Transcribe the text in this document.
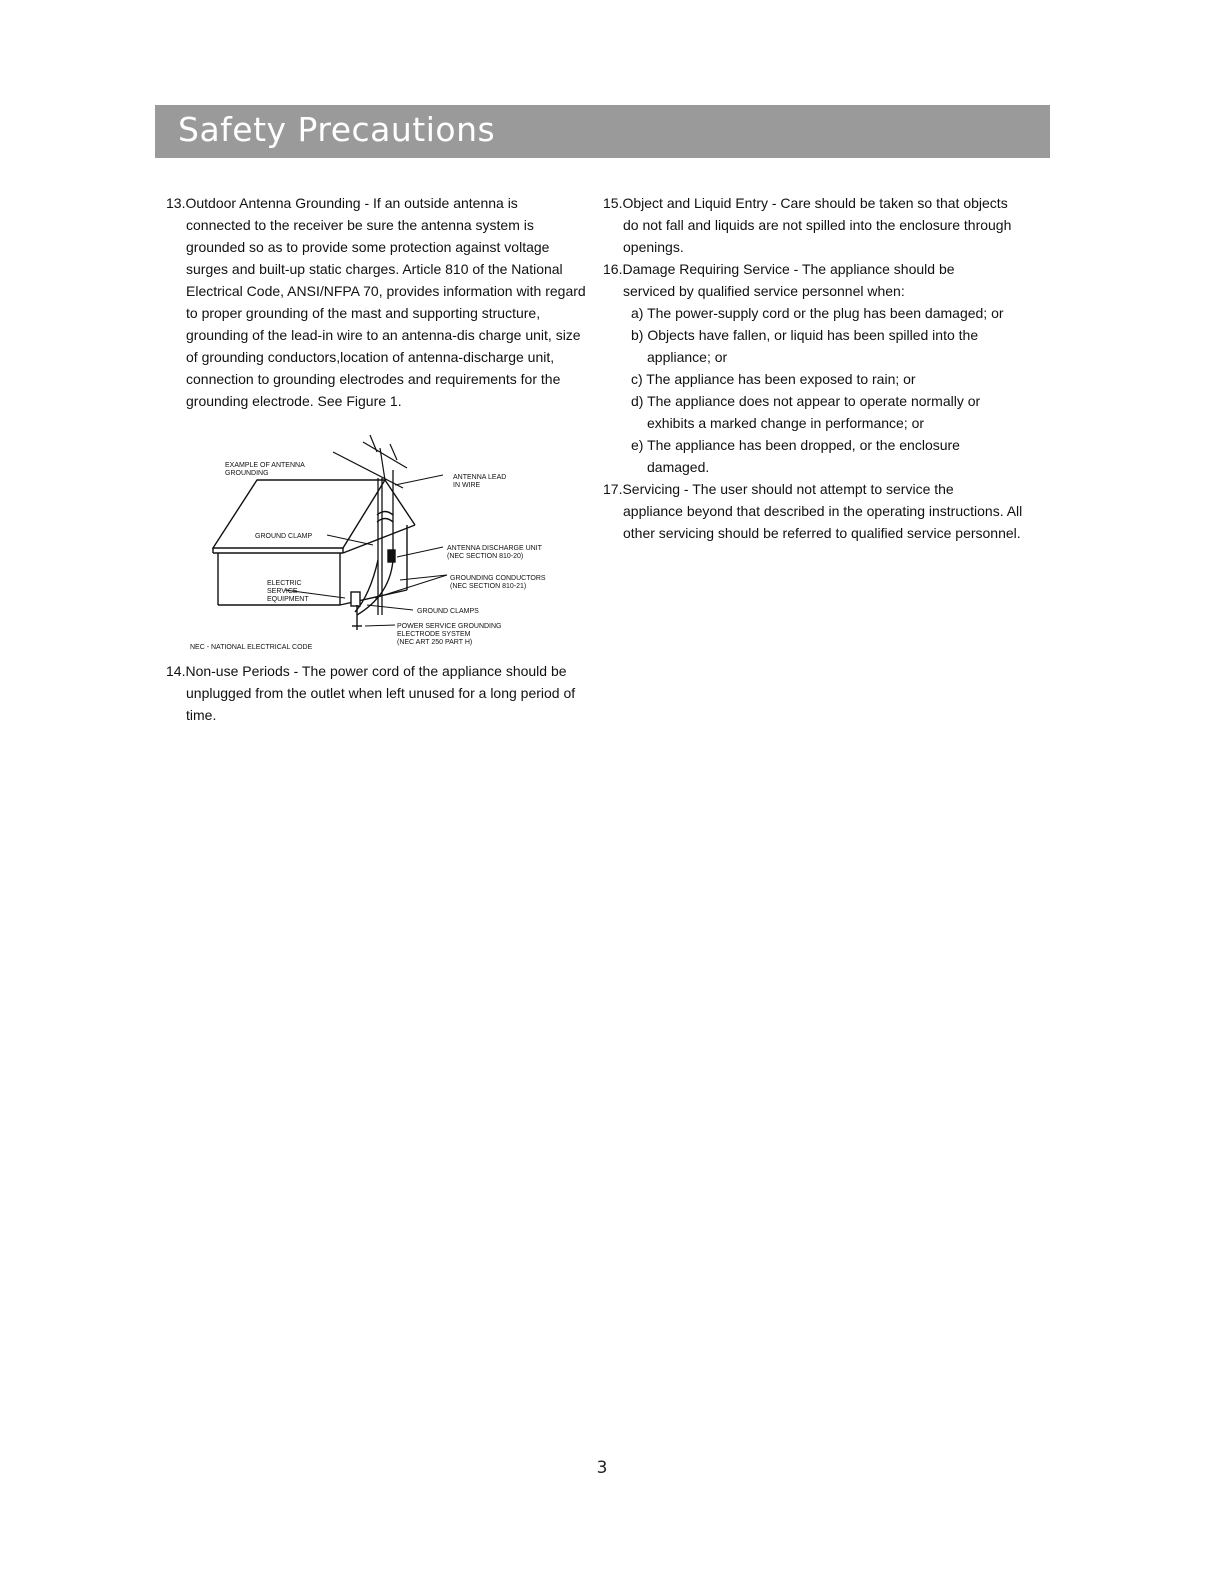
Safety Precautions

13.Outdoor Antenna Grounding - If an outside antenna is
connected to the receiver be sure the antenna system is grounded so as to provide some protection against voltage surges and built-up static charges. Article 810 of the National Electrical Code, ANSI/NFPA 70, provides information with regard to proper grounding of the mast and supporting structure, grounding of the lead-in wire to an antenna-dis charge unit, size of grounding conductors,location of antenna-discharge unit, connection to grounding electrodes and requirements for the grounding electrode. See Figure 1.

EXAMPLE OF ANTENNA
GROUNDING
ANTENNA LEAD
IN WIRE
GROUND CLAMP
ANTENNA DISCHARGE UNIT
(NEC SECTION 810-20)
GROUNDING CONDUCTORS
(NEC SECTION 810-21)
ELECTRIC
SERVICE
EQUIPMENT
GROUND CLAMPS
POWER SERVICE GROUNDING
ELECTRODE SYSTEM
(NEC ART 250 PART H)
NEC - NATIONAL ELECTRICAL CODE

14.Non-use Periods - The power cord of the appliance should be
unplugged from the outlet when left unused for a long period of time.

15.Object and Liquid Entry - Care should be taken so that objects
do not fall and liquids are not spilled into the enclosure through openings.

16.Damage Requiring Service - The appliance should be
serviced by qualified service personnel when:
a) The power-supply cord or the plug has been damaged; or
b) Objects have fallen, or liquid has been spilled into the
appliance; or
c) The appliance has been exposed to rain; or
d) The appliance does not appear to operate normally or
exhibits a marked change in performance; or
e) The appliance has been dropped, or the enclosure
damaged.

17.Servicing - The user should not attempt to service the
appliance beyond that described in the operating instructions. All other servicing should be referred to qualified service personnel.

3
